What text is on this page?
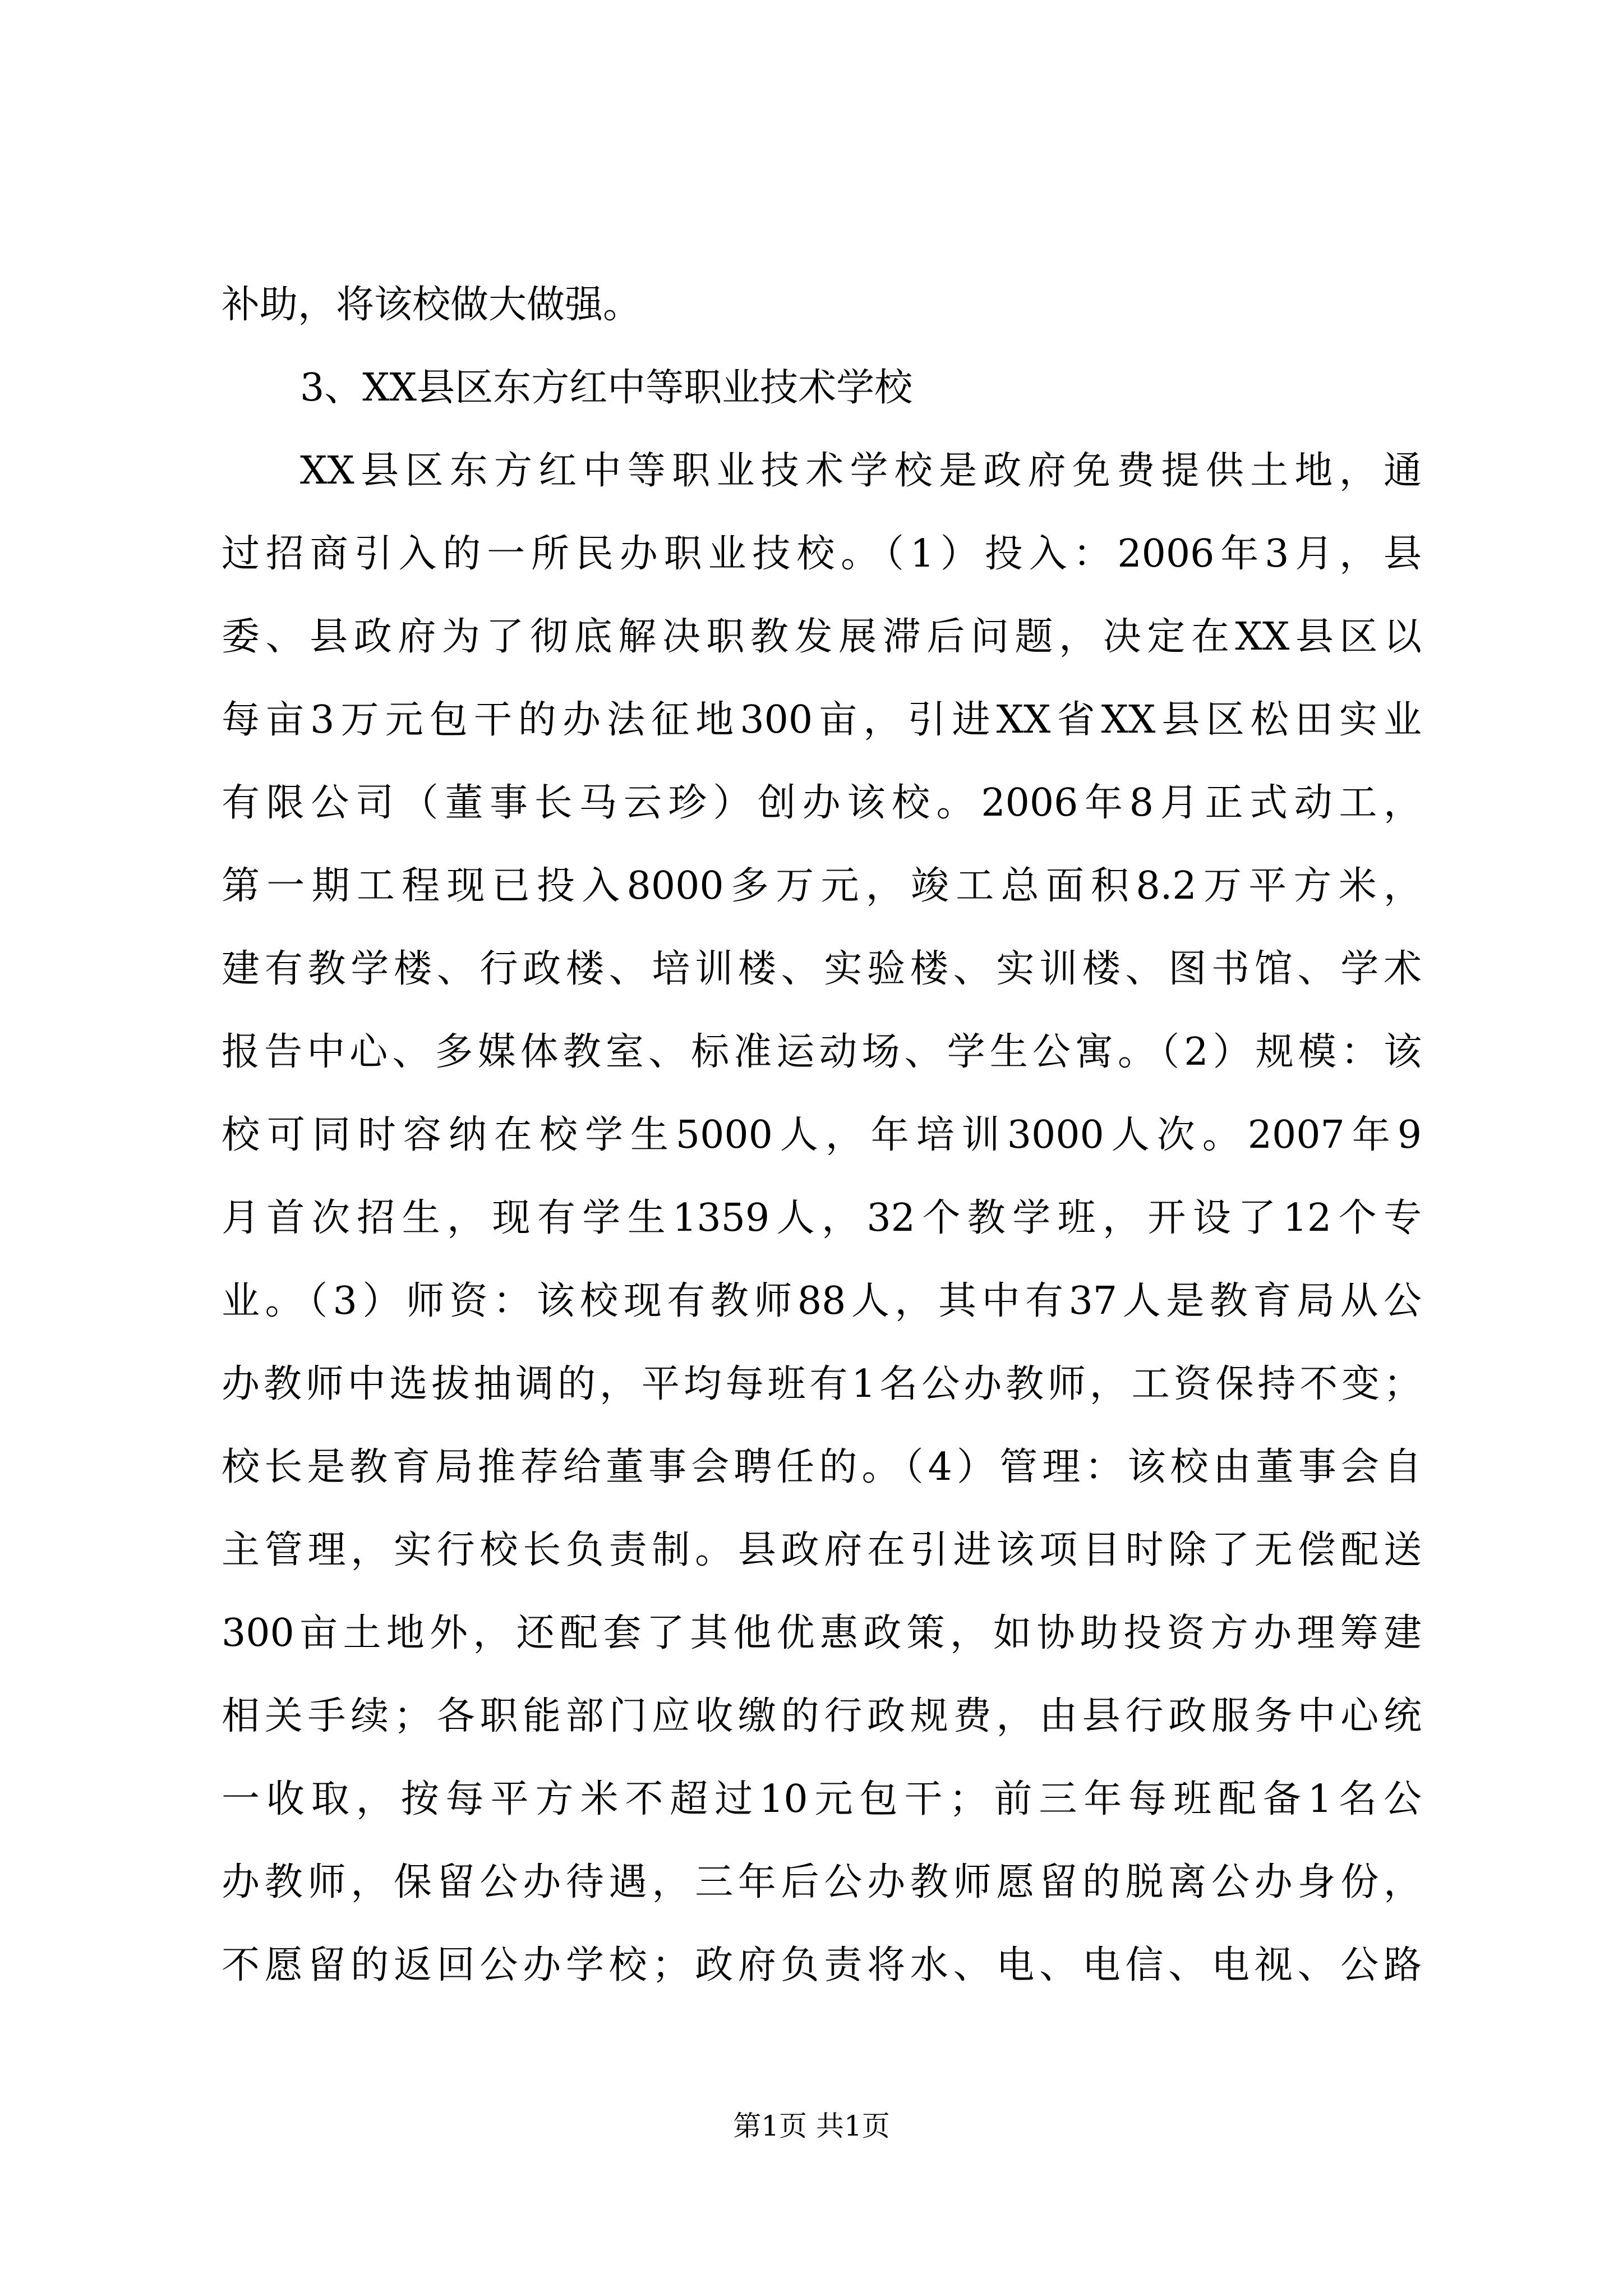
补助，将该校做大做强。
3、XX县区东方红中等职业技术学校
XX县区东方红中等职业技术学校是政府免费提供土地，通
过招商引入的一所民办职业技校。（1）投入：2006年3月，县
委、县政府为了彻底解决职教发展滞后问题，决定在XX县区以
每亩3万元包干的办法征地300亩，引进XX省XX县区松田实业
有限公司（董事长马云珍）创办该校。2006年8月正式动工，
第一期工程现已投入8000多万元，竣工总面积8.2万平方米，
建有教学楼、行政楼、培训楼、实验楼、实训楼、图书馆、学术
报告中心、多媒体教室、标准运动场、学生公寓。（2）规模：该
校可同时容纳在校学生5000人，年培训3000人次。2007年9
月首次招生，现有学生1359人，32个教学班，开设了12个专
业。（3）师资：该校现有教师88人，其中有37人是教育局从公
办教师中选拔抽调的，平均每班有1名公办教师，工资保持不变；
校长是教育局推荐给董事会聘任的。（4）管理：该校由董事会自
主管理，实行校长负责制。县政府在引进该项目时除了无偿配送
300亩土地外，还配套了其他优惠政策，如协助投资方办理筹建
相关手续；各职能部门应收缴的行政规费，由县行政服务中心统
一收取，按每平方米不超过10元包干；前三年每班配备1名公
办教师，保留公办待遇，三年后公办教师愿留的脱离公办身份，
不愿留的返回公办学校；政府负责将水、电、电信、电视、公路
第1页 共1页
